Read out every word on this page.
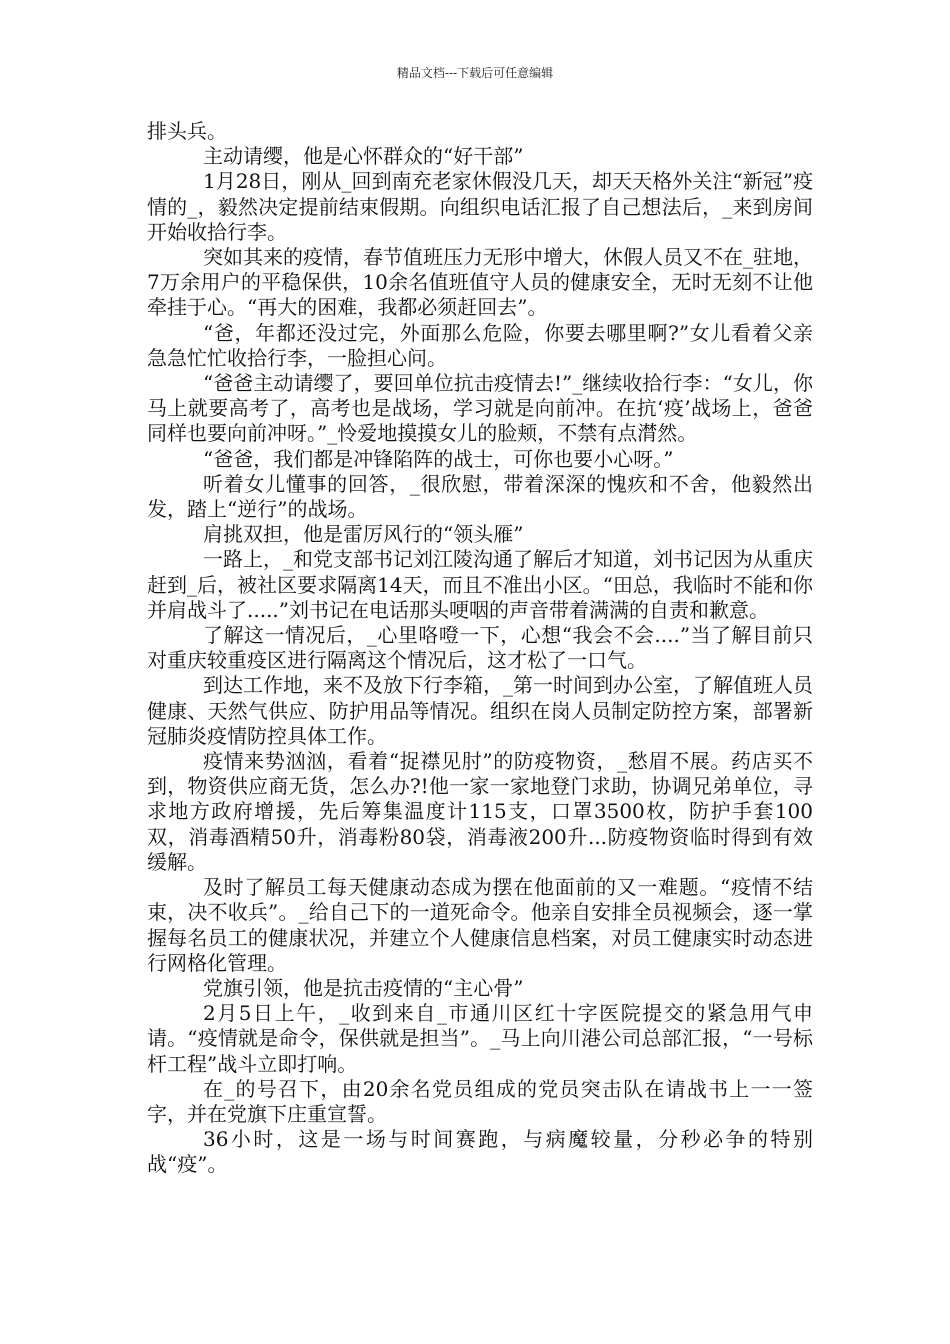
精品文档---下载后可任意编辑

排头兵。

主动请缨，他是心怀群众的“好干部”

1月28日，刚从_回到南充老家休假没几天，却天天格外关注“新冠”疫情的_，毅然决定提前结束假期。向组织电话汇报了自己想法后，_来到房间开始收拾行李。

突如其来的疫情，春节值班压力无形中增大，休假人员又不在_驻地，7万余用户的平稳保供，10余名值班值守人员的健康安全，无时无刻不让他牵挂于心。“再大的困难，我都必须赶回去”。

“爸，年都还没过完，外面那么危险，你要去哪里啊?”女儿看着父亲急急忙忙收拾行李，一脸担心问。

“爸爸主动请缨了，要回单位抗击疫情去!”_继续收拾行李：“女儿，你马上就要高考了，高考也是战场，学习就是向前冲。在抗‘疫’战场上，爸爸同样也要向前冲呀。”_怜爱地摸摸女儿的脸颊，不禁有点潸然。

“爸爸，我们都是冲锋陷阵的战士，可你也要小心呀。”

听着女儿懂事的回答，_很欣慰，带着深深的愧疚和不舍，他毅然出发，踏上“逆行”的战场。

肩挑双担，他是雷厉风行的“领头雁”

一路上，_和党支部书记刘江陵沟通了解后才知道，刘书记因为从重庆赶到_后，被社区要求隔离14天，而且不准出小区。“田总，我临时不能和你并肩战斗了.....”刘书记在电话那头哽咽的声音带着满满的自责和歉意。

了解这一情况后，_心里咯噔一下，心想“我会不会....”当了解目前只对重庆较重疫区进行隔离这个情况后，这才松了一口气。

到达工作地，来不及放下行李箱，_第一时间到办公室，了解值班人员健康、天然气供应、防护用品等情况。组织在岗人员制定防控方案，部署新冠肺炎疫情防控具体工作。

疫情来势汹汹，看着“捉襟见肘”的防疫物资，_愁眉不展。药店买不到，物资供应商无货，怎么办?!他一家一家地登门求助，协调兄弟单位，寻求地方政府增援，先后筹集温度计115支，口罩3500枚，防护手套100双，消毒酒精50升，消毒粉80袋，消毒液200升...防疫物资临时得到有效缓解。

及时了解员工每天健康动态成为摆在他面前的又一难题。“疫情不结束，决不收兵”。_给自己下的一道死命令。他亲自安排全员视频会，逐一掌握每名员工的健康状况，并建立个人健康信息档案，对员工健康实时动态进行网格化管理。

党旗引领，他是抗击疫情的“主心骨”

2月5日上午，_收到来自_市通川区红十字医院提交的紧急用气申请。“疫情就是命令，保供就是担当”。_马上向川港公司总部汇报，“一号标杆工程”战斗立即打响。

在_的号召下，由20余名党员组成的党员突击队在请战书上一一签字，并在党旗下庄重宣誓。

36小时，这是一场与时间赛跑，与病魔较量，分秒必争的特别战“疫”。
